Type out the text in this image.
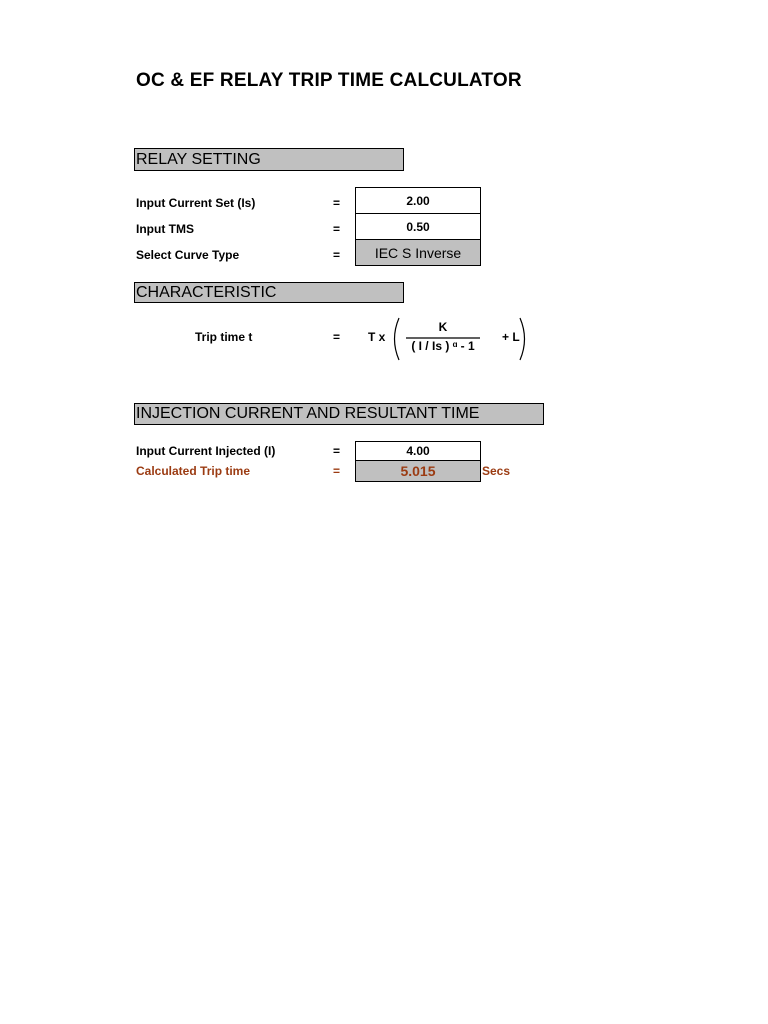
OC & EF RELAY TRIP TIME CALCULATOR
RELAY SETTING
Input Current Set (Is)	=	2.00
Input TMS	=	0.50
Select Curve Type	=	IEC S Inverse
CHARACTERISTIC
Trip time t	= T x
K
( I / Is ) ᵅ - 1
+ L
INJECTION CURRENT AND RESULTANT TIME
Input Current Injected (I)	=	4.00
Calculated Trip time	=	5.015	Secs
